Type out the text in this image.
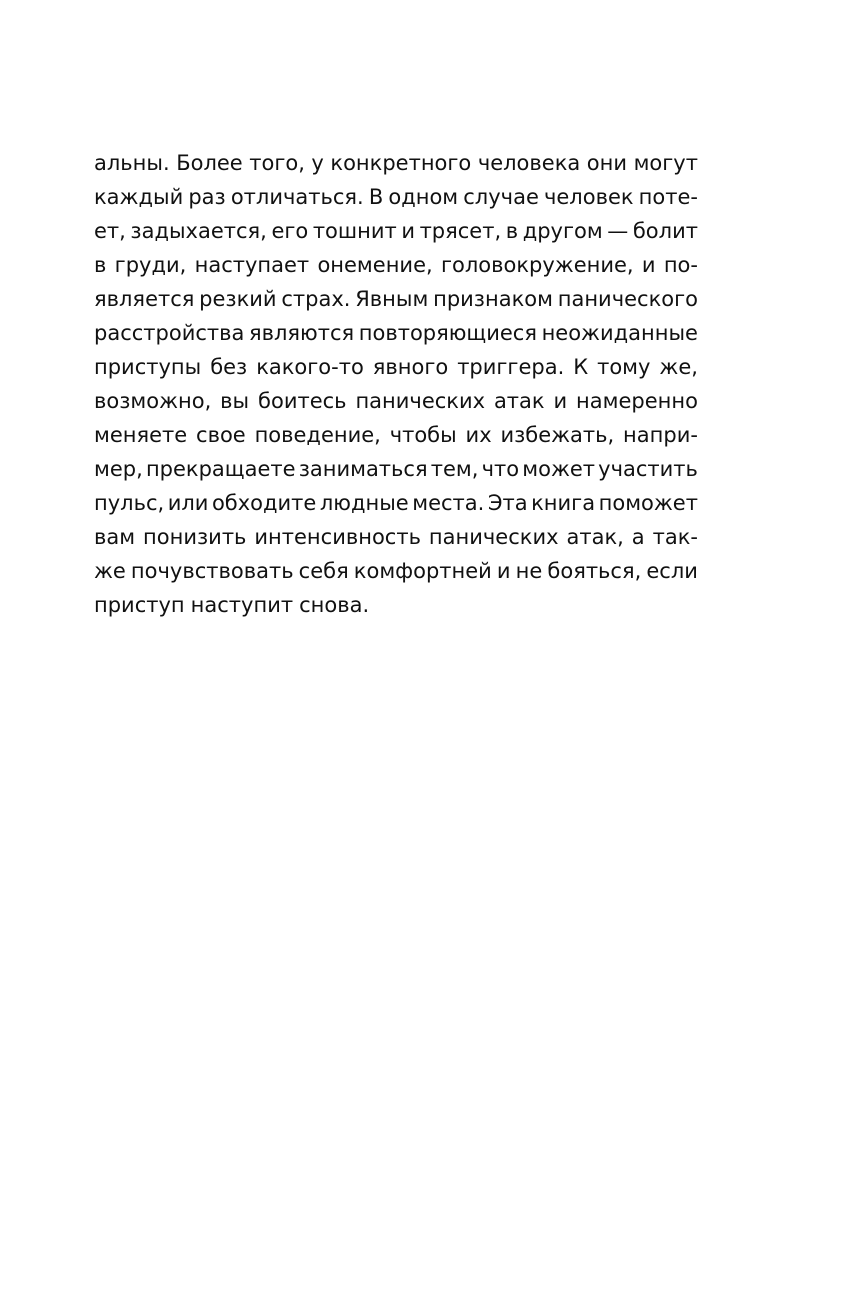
альны. Более того, у конкретного человека они могут
каждый раз отличаться. В одном случае человек поте-
ет, задыхается, его тошнит и трясет, в другом — болит
в груди, наступает онемение, головокружение, и по-
является резкий страх. Явным признаком панического
расстройства являются повторяющиеся неожиданные
приступы без какого-то явного триггера. К тому же,
возможно, вы боитесь панических атак и намеренно
меняете свое поведение, чтобы их избежать, напри-
мер, прекращаете заниматься тем, что может участить
пульс, или обходите людные места. Эта книга поможет
вам понизить интенсивность панических атак, а так-
же почувствовать себя комфортней и не бояться, если
приступ наступит снова.
